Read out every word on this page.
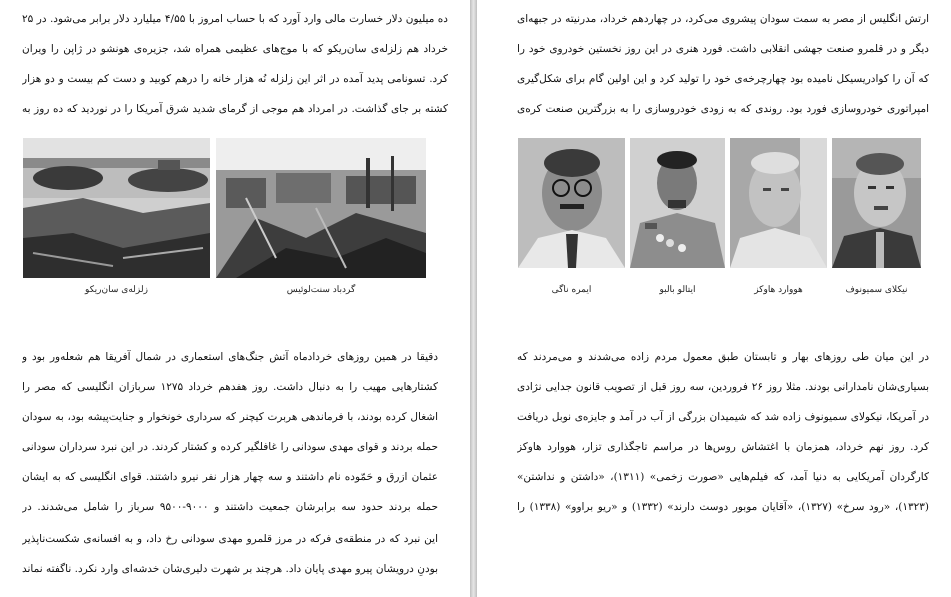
ده میلیون دلار خسارت مالی وارد آورد که با حساب امروز با ۴/۵۵ میلیارد دلار برابر می‌شود. در ۲۵ خرداد هم زلزله‌ی سان‌ریکو که با موج‌های عظیمی همراه شد، جزیره‌ی هونشو در ژاپن را ویران کرد. تسونامی پدید آمده در اثر این زلزله نُه هزار خانه را درهم کوبید و دست کم بیست و دو هزار کشته بر جای گذاشت. در امرداد هم موجی از گرمای شدید شرق آمریکا را در نوردید که ده روز به
گردباد سنت‌لوئیس
زلزله‌ی سان‌ریکو
دقیقا در همین روزهای خردادماه آتش جنگ‌های استعماری در شمال آفریقا هم شعله‌ور بود و کشتارهایی مهیب را به دنبال داشت. روز هفدهم خرداد ۱۲۷۵ سربازان انگلیسی که مصر را اشغال کرده بودند، با فرماندهی هربرت کیچنر که سرداری خونخوار و جنایت‌پیشه بود، به سودان حمله بردند و قوای مهدی سودانی را غافلگیر کرده و کشتار کردند. در این نبرد سرداران سودانی عثمان ازرق و حَمّوده نام داشتند و سه چهار هزار نفر نیرو داشتند. قوای انگلیسی که به ایشان حمله بردند حدود سه برابرشان جمعیت داشتند و ۹۰۰۰-۹۵۰۰ سرباز را شامل می‌شدند. در
این نبرد که در منطقه‌ی فرکه در مرز قلمرو مهدی سودانی رخ داد، و به افسانه‌ی شکست‌ناپذیر بودنِ درویشان پیرو مهدی پایان داد. هرچند بر شهرت دلیری‌شان خدشه‌ای وارد نکرد. ناگفته نماند
ارتش انگلیس از مصر به سمت سودان پیشروی می‌کرد، در چهاردهم خرداد، مدرنیته در جبهه‌ای دیگر و در قلمرو صنعت جهشی انقلابی داشت. فورد هنری در این روز نخستین خودروی خود را که آن را کوادریسیکل نامیده بود چهارچرخه‌ی خود را تولید کرد و این اولین گام برای شکل‌گیری امپراتوری خودروسازی فورد بود. روندی که به زودی خودروسازی را به بزرگترین صنعت کره‌ی
ایمره ناگی	ایتالو بالبو	هووارد هاوکز	نیکلای سمیونوف
در این میان طی روزهای بهار و تابستان طبق معمول مردم زاده می‌شدند و می‌مردند که بسیاری‌شان نامدارانی بودند. مثلا روز ۲۶ فروردین، سه روز قبل از تصویب قانون جدایی نژادی در آمریکا، نیکولای سمیونوف زاده شد که شیمیدان بزرگی از آب در آمد و جایزه‌ی نوبل دریافت کرد. روز نهم خرداد، همزمان با اغتشاش روس‌ها در مراسم تاجگذاری تزار، هووارد هاوکز کارگردان آمریکایی به دنیا آمد، که فیلم‌هایی «صورت زخمی» (۱۳۱۱)، «داشتن و نداشتن» (۱۳۲۳)، «رود سرخ» (۱۳۲۷)، «آقایان موبور دوست دارند» (۱۳۳۲) و «ریو براوو» (۱۳۳۸) را
